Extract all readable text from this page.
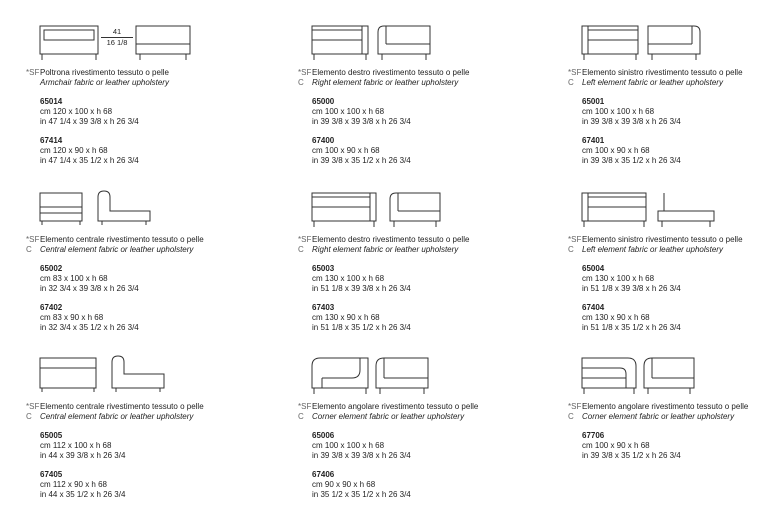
41
16 1/8
*SF Poltrona rivestimento tessuto o pelle
Armchair fabric or leather upholstery
65014
cm 120 x 100 x h 68
in 47 1/4 x 39 3/8 x h 26 3/4
67414
cm 120 x 90 x h 68
in 47 1/4 x 35 1/2 x h 26 3/4
*SF
C
Elemento destro rivestimento tessuto o pelle
Right element fabric or leather upholstery
65000
cm 100 x 100 x h 68
in 39 3/8 x 39 3/8 x h 26 3/4
67400
cm 100 x 90 x h 68
in 39 3/8 x 35 1/2 x h 26 3/4
*SF
C
Elemento sinistro rivestimento tessuto o pelle
Left element fabric or leather upholstery
65001
cm 100 x 100 x h 68
in 39 3/8 x 39 3/8 x h 26 3/4
67401
cm 100 x 90 x h 68
in 39 3/8 x 35 1/2 x h 26 3/4
*SF
C
Elemento centrale rivestimento tessuto o pelle
Central element fabric or leather upholstery
65002
cm 83 x 100 x h 68
in 32 3/4 x 39 3/8 x h 26 3/4
67402
cm 83 x 90 x h 68
in 32 3/4 x 35 1/2 x h 26 3/4
*SF
C
Elemento destro rivestimento tessuto o pelle
Right element fabric or leather upholstery
65003
cm 130 x 100 x h 68
in 51 1/8 x 39 3/8 x h 26 3/4
67403
cm 130 x 90 x h 68
in 51 1/8 x 35 1/2 x h 26 3/4
*SF
C
Elemento sinistro rivestimento tessuto o pelle
Left element fabric or leather upholstery
65004
cm 130 x 100 x h 68
in 51 1/8 x 39 3/8 x h 26 3/4
67404
cm 130 x 90 x h 68
in 51 1/8 x 35 1/2 x h 26 3/4
*SF
C
Elemento centrale rivestimento tessuto o pelle
Central element fabric or leather upholstery
65005
cm 112 x 100 x h 68
in 44 x 39 3/8 x h 26 3/4
67405
cm 112 x 90 x h 68
in 44 x 35 1/2 x h 26 3/4
*SF
C
Elemento angolare rivestimento tessuto o pelle
Corner element fabric or leather upholstery
65006
cm 100 x 100 x h 68
in 39 3/8 x 39 3/8 x h 26 3/4
67406
cm 90 x 90 x h 68
in 35 1/2 x 35 1/2 x h 26 3/4
*SF
C
Elemento angolare rivestimento tessuto o pelle
Corner element fabric or leather upholstery
67706
cm 100 x 90 x h 68
in 39 3/8 x 35 1/2 x h 26 3/4
